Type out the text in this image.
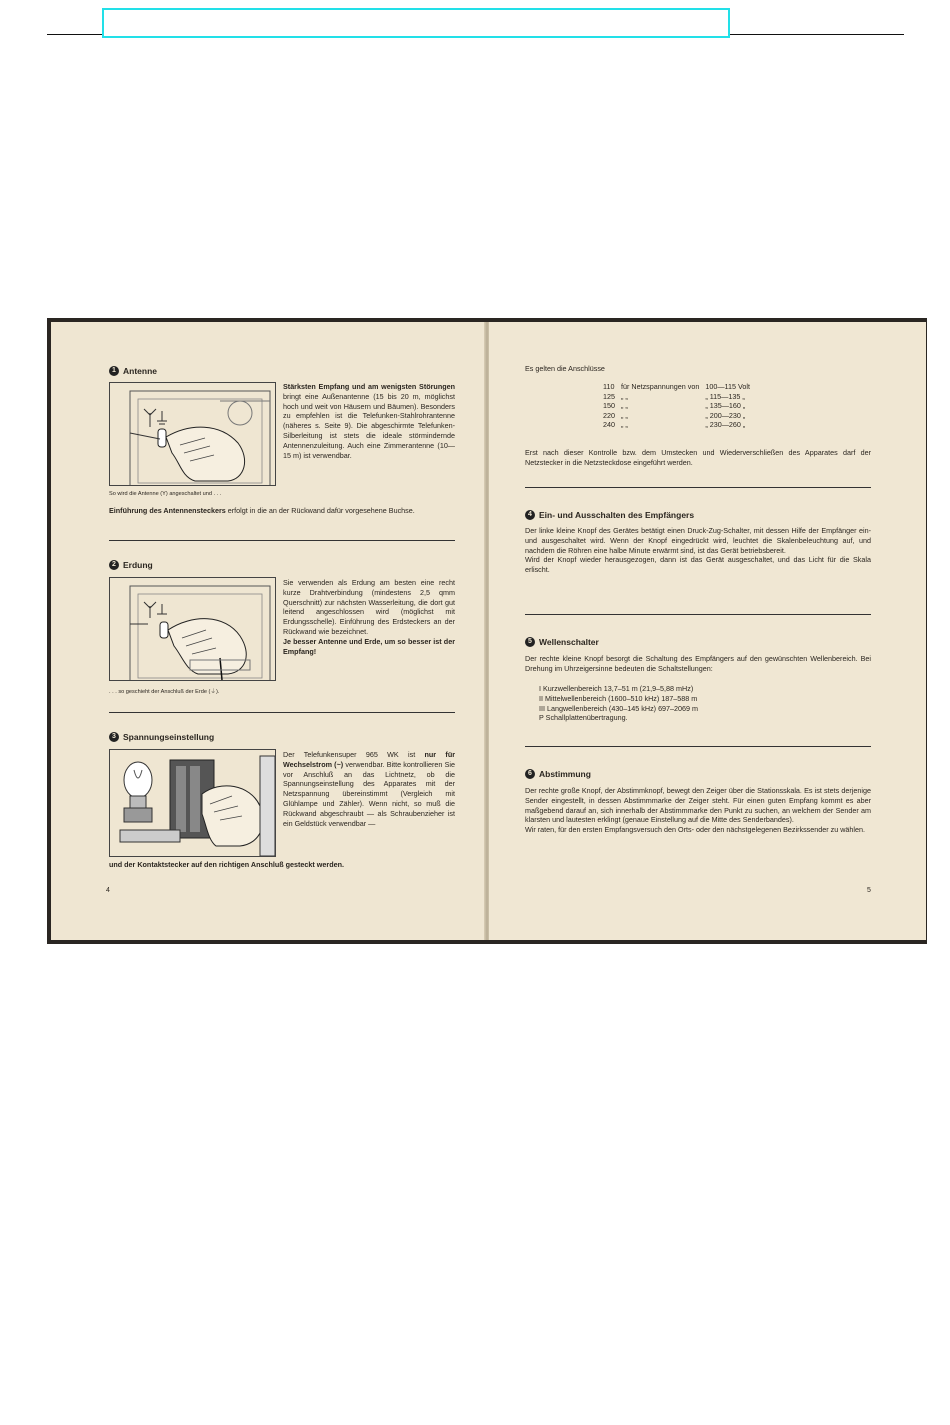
1 Antenne
Stärksten Empfang und am wenigsten Störungen bringt eine Außenantenne (15 bis 20 m, möglichst hoch und weit von Häusern und Bäumen). Besonders zu empfehlen ist die Telefunken-Stahlrohrantenne (näheres s. Seite 9). Die abgeschirmte Telefunken-Silberleitung ist stets die ideale störmindernde Antennenzuleitung. Auch eine Zimmerantenne (10—15 m) ist verwendbar.
So wird die Antenne (Y) angeschaltet und . . .
Einführung des Antennensteckers erfolgt in die an der Rückwand dafür vorgesehene Buchse.
2 Erdung
Sie verwenden als Erdung am besten eine recht kurze Drahtverbindung (mindestens 2,5 qmm Querschnitt) zur nächsten Wasserleitung, die dort gut leitend angeschlossen wird (möglichst mit Erdungsschelle). Einführung des Erdsteckers an der Rückwand wie bezeichnet.
Je besser Antenne und Erde, um so besser ist der Empfang!
. . . so geschieht der Anschluß der Erde (⏚).
3 Spannungseinstellung
Der Telefunkensuper 965 WK ist nur für Wechselstrom (~) verwendbar. Bitte kontrollieren Sie vor Anschluß an das Lichtnetz, ob die Spannungseinstellung des Apparates mit der Netzspannung übereinstimmt (Vergleich mit Glühlampe und Zähler). Wenn nicht, so muß die Rückwand abgeschraubt — als Schraubenzieher ist ein Geldstück verwendbar —
und der Kontaktstecker auf den richtigen Anschluß gesteckt werden.
4
Es gelten die Anschlüsse
110	für Netzspannungen von	100—115 Volt
125	„ „	„ 115—135 „
150	„ „	„ 135—160 „
220	„ „	„ 200—230 „
240	„ „	„ 230—260 „
Erst nach dieser Kontrolle bzw. dem Umstecken und Wiederverschließen des Apparates darf der Netzstecker in die Netzsteckdose eingeführt werden.
4 Ein- und Ausschalten des Empfängers
Der linke kleine Knopf des Gerätes betätigt einen Druck-Zug-Schalter, mit dessen Hilfe der Empfänger ein- und ausgeschaltet wird. Wenn der Knopf eingedrückt wird, leuchtet die Skalenbeleuchtung auf, und nachdem die Röhren eine halbe Minute erwärmt sind, ist das Gerät betriebsbereit.
Wird der Knopf wieder herausgezogen, dann ist das Gerät ausgeschaltet, und das Licht für die Skala erlischt.
5 Wellenschalter
Der rechte kleine Knopf besorgt die Schaltung des Empfängers auf den gewünschten Wellenbereich. Bei Drehung im Uhrzeigersinne bedeuten die Schaltstellungen:
I Kurzwellenbereich 13,7–51 m (21,9–5,88 mHz)
II Mittelwellenbereich (1600–510 kHz) 187–588 m
III Langwellenbereich (430–145 kHz) 697–2069 m
P Schallplattenübertragung.
6 Abstimmung
Der rechte große Knopf, der Abstimmknopf, bewegt den Zeiger über die Stationsskala. Es ist stets derjenige Sender eingestellt, in dessen Abstimmmarke der Zeiger steht. Für einen guten Empfang kommt es aber maßgebend darauf an, sich innerhalb der Abstimmmarke den Punkt zu suchen, an welchem der Sender am klarsten und lautesten erklingt (genaue Einstellung auf die Mitte des Senderbandes).
Wir raten, für den ersten Empfangsversuch den Orts- oder den nächstgelegenen Bezirkssender zu wählen.
5
